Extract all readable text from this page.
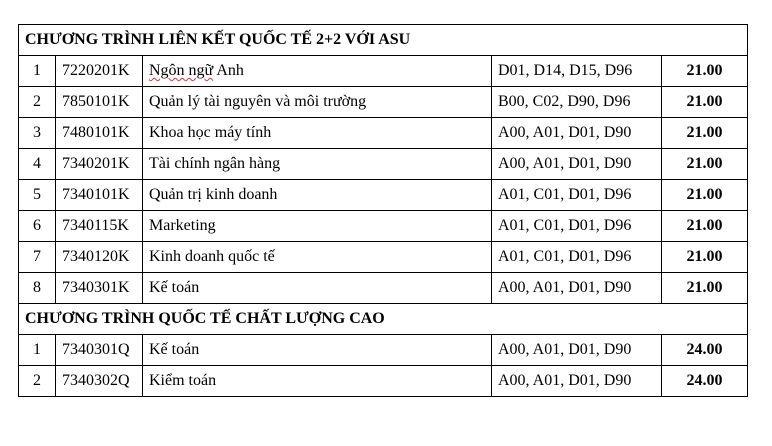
CHƯƠNG TRÌNH LIÊN KẾT QUỐC TẾ 2+2 VỚI ASU				
1	7220201K	Ngôn ngữ Anh	D01, D14, D15, D96	21.00
2	7850101K	Quản lý tài nguyên và môi trường	B00, C02, D90, D96	21.00
3	7480101K	Khoa học máy tính	A00, A01, D01, D90	21.00
4	7340201K	Tài chính ngân hàng	A00, A01, D01, D90	21.00
5	7340101K	Quản trị kinh doanh	A01, C01, D01, D96	21.00
6	7340115K	Marketing	A01, C01, D01, D96	21.00
7	7340120K	Kinh doanh quốc tế	A01, C01, D01, D96	21.00
8	7340301K	Kế toán	A00, A01, D01, D90	21.00
CHƯƠNG TRÌNH QUỐC TẾ CHẤT LƯỢNG CAO				
1	7340301Q	Kế toán	A00, A01, D01, D90	24.00
2	7340302Q	Kiểm toán	A00, A01, D01, D90	24.00
